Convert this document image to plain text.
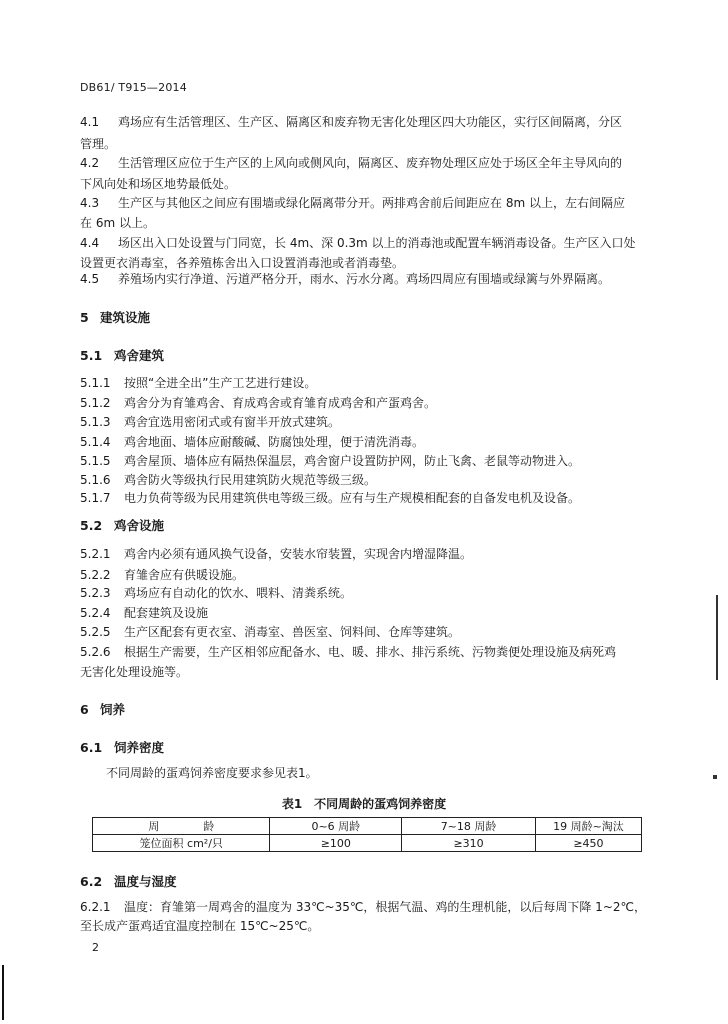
DB61/ T915—2014
4.1 鸡场应有生活管理区、生产区、隔离区和废弃物无害化处理区四大功能区，实行区间隔离，分区
管理。
4.2 生活管理区应位于生产区的上风向或侧风向，隔离区、废弃物处理区应处于场区全年主导风向的
下风向处和场区地势最低处。
4.3 生产区与其他区之间应有围墙或绿化隔离带分开。两排鸡舍前后间距应在 8m 以上，左右间隔应
在 6m 以上。
4.4 场区出入口处设置与门同宽，长 4m、深 0.3m 以上的消毒池或配置车辆消毒设备。生产区入口处
设置更衣消毒室，各养殖栋舍出入口设置消毒池或者消毒垫。
4.5 养殖场内实行净道、污道严格分开，雨水、污水分离。鸡场四周应有围墙或绿篱与外界隔离。
5 建筑设施
5.1 鸡舍建筑
5.1.1 按照“全进全出”生产工艺进行建设。
5.1.2 鸡舍分为育雏鸡舍、育成鸡舍或育雏育成鸡舍和产蛋鸡舍。
5.1.3 鸡舍宜选用密闭式或有窗半开放式建筑。
5.1.4 鸡舍地面、墙体应耐酸碱、防腐蚀处理，便于清洗消毒。
5.1.5 鸡舍屋顶、墙体应有隔热保温层，鸡舍窗户设置防护网，防止飞禽、老鼠等动物进入。
5.1.6 鸡舍防火等级执行民用建筑防火规范等级三级。
5.1.7 电力负荷等级为民用建筑供电等级三级。应有与生产规模相配套的自备发电机及设备。
5.2 鸡舍设施
5.2.1 鸡舍内必须有通风换气设备，安装水帘装置，实现舍内增湿降温。
5.2.2 育雏舍应有供暖设施。
5.2.3 鸡场应有自动化的饮水、喂料、清粪系统。
5.2.4 配套建筑及设施
5.2.5 生产区配套有更衣室、消毒室、兽医室、饲料间、仓库等建筑。
5.2.6 根据生产需要，生产区相邻应配备水、电、暖、排水、排污系统、污物粪便处理设施及病死鸡
无害化处理设施等。
6 饲养
6.1 饲养密度
不同周龄的蛋鸡饲养密度要求参见表1。
表1　不同周龄的蛋鸡饲养密度
周　　　　龄	0~6 周龄	7~18 周龄	19 周龄~淘汰
笼位面积 cm²/只	≥100	≥310	≥450
6.2 温度与湿度
6.2.1 温度：育雏第一周鸡舍的温度为 33℃~35℃，根据气温、鸡的生理机能，以后每周下降 1~2℃，
至长成产蛋鸡适宜温度控制在 15℃~25℃。
2
